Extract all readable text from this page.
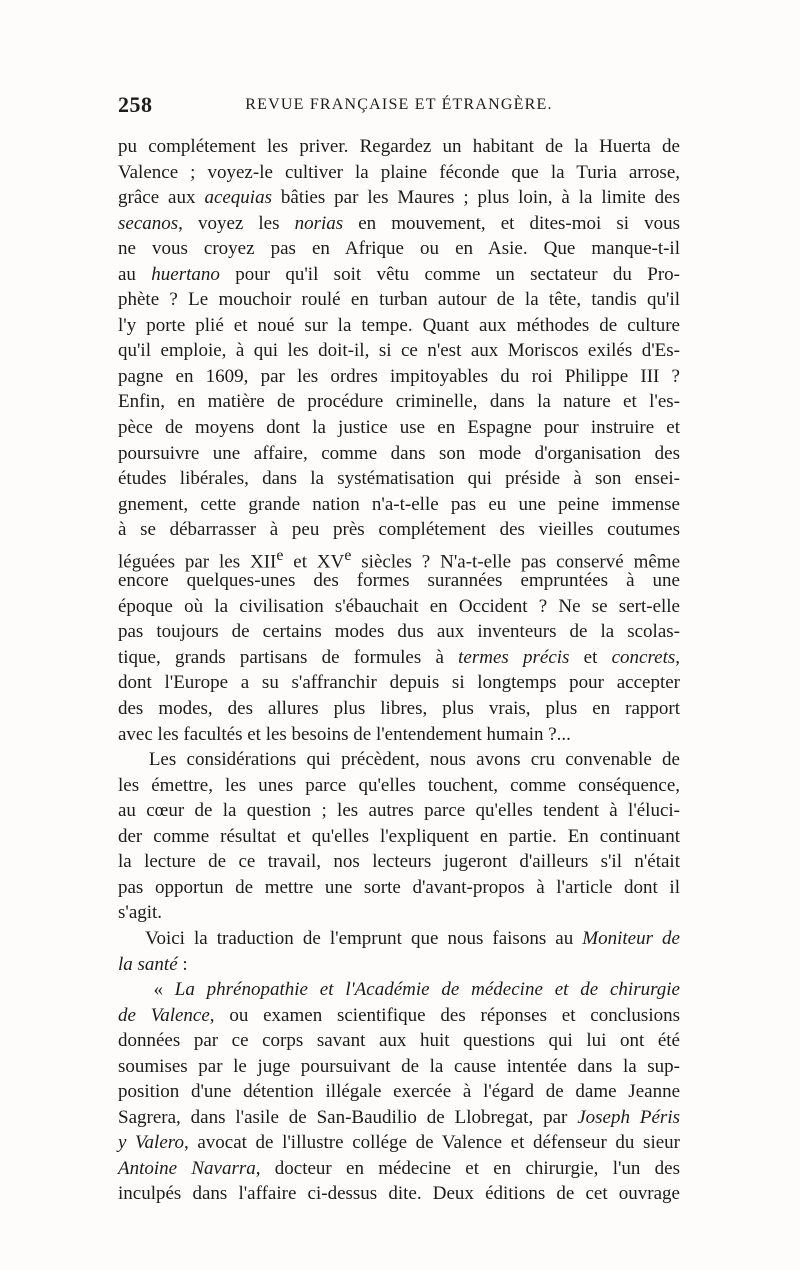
258	REVUE FRANÇAISE ET ÉTRANGÈRE.
pu complétement les priver. Regardez un habitant de la Huerta de
Valence ; voyez-le cultiver la plaine féconde que la Turia arrose,
grâce aux acequias bâties par les Maures ; plus loin, à la limite des
secanos, voyez les norias en mouvement, et dites-moi si vous
ne vous croyez pas en Afrique ou en Asie. Que manque-t-il
au huertano pour qu'il soit vêtu comme un sectateur du Pro-
phète ? Le mouchoir roulé en turban autour de la tête, tandis qu'il
l'y porte plié et noué sur la tempe. Quant aux méthodes de culture
qu'il emploie, à qui les doit-il, si ce n'est aux Moriscos exilés d'Es-
pagne en 1609, par les ordres impitoyables du roi Philippe III ?
Enfin, en matière de procédure criminelle, dans la nature et l'es-
pèce de moyens dont la justice use en Espagne pour instruire et
poursuivre une affaire, comme dans son mode d'organisation des
études libérales, dans la systématisation qui préside à son ensei-
gnement, cette grande nation n'a-t-elle pas eu une peine immense
à se débarrasser à peu près complétement des vieilles coutumes
léguées par les XIIe et XVe siècles ? N'a-t-elle pas conservé même
encore quelques-unes des formes surannées empruntées à une
époque où la civilisation s'ébauchait en Occident ? Ne se sert-elle
pas toujours de certains modes dus aux inventeurs de la scolas-
tique, grands partisans de formules à termes précis et concrets,
dont l'Europe a su s'affranchir depuis si longtemps pour accepter
des modes, des allures plus libres, plus vrais, plus en rapport
avec les facultés et les besoins de l'entendement humain ?...
Les considérations qui précèdent, nous avons cru convenable de
les émettre, les unes parce qu'elles touchent, comme conséquence,
au cœur de la question ; les autres parce qu'elles tendent à l'éluci-
der comme résultat et qu'elles l'expliquent en partie. En continuant
la lecture de ce travail, nos lecteurs jugeront d'ailleurs s'il n'était
pas opportun de mettre une sorte d'avant-propos à l'article dont il
s'agit.
Voici la traduction de l'emprunt que nous faisons au Moniteur de
la santé :
« La phrénopathie et l'Académie de médecine et de chirurgie
de Valence, ou examen scientifique des réponses et conclusions
données par ce corps savant aux huit questions qui lui ont été
soumises par le juge poursuivant de la cause intentée dans la sup-
position d'une détention illégale exercée à l'égard de dame Jeanne
Sagrera, dans l'asile de San-Baudilio de Llobregat, par Joseph Péris
y Valero, avocat de l'illustre collége de Valence et défenseur du sieur
Antoine Navarra, docteur en médecine et en chirurgie, l'un des
inculpés dans l'affaire ci-dessus dite. Deux éditions de cet ouvrage
